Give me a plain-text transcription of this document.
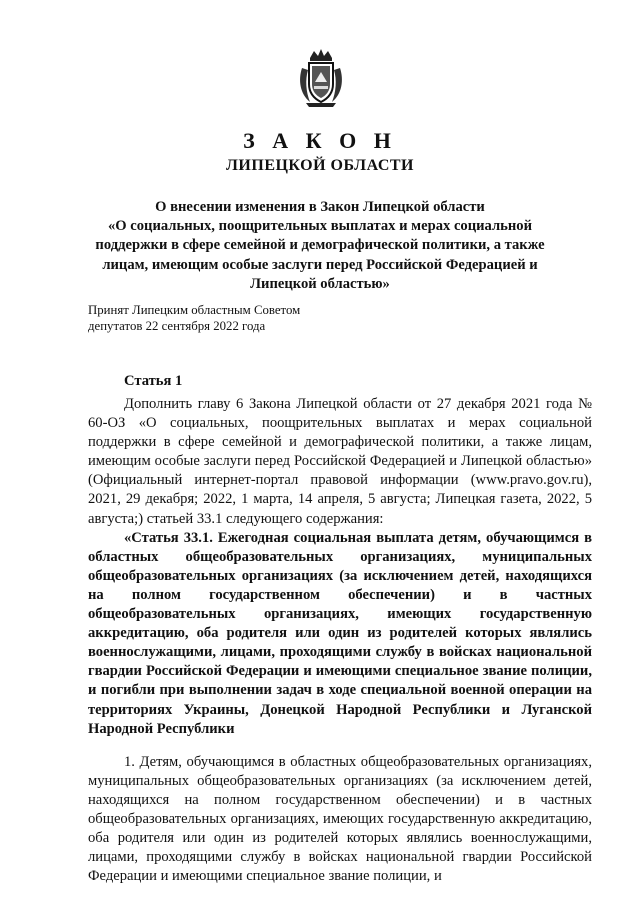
З А К О Н
ЛИПЕЦКОЙ ОБЛАСТИ
О внесении изменения в Закон Липецкой области
«О социальных, поощрительных выплатах и мерах социальной
поддержки в сфере семейной и демографической политики, а также
лицам, имеющим особые заслуги перед Российской Федерацией и
Липецкой областью»
Принят Липецким областным Советом
депутатов 22 сентября 2022 года
Статья 1

Дополнить главу 6 Закона Липецкой области от 27 декабря 2021 года № 60-ОЗ «О социальных, поощрительных выплатах и мерах социальной поддержки в сфере семейной и демографической политики, а также лицам, имеющим особые заслуги перед Российской Федерацией и Липецкой областью» (Официальный интернет-портал правовой информации (www.pravo.gov.ru), 2021, 29 декабря; 2022, 1 марта, 14 апреля, 5 августа; Липецкая газета, 2022, 5 августа;) статьей 33.1 следующего содержания:

«Статья 33.1. Ежегодная социальная выплата детям, обучающимся в областных общеобразовательных организациях, муниципальных общеобразовательных организациях (за исключением детей, находящихся на полном государственном обеспечении) и в частных общеобразовательных организациях, имеющих государственную аккредитацию, оба родителя или один из родителей которых являлись военнослужащими, лицами, проходящими службу в войсках национальной гвардии Российской Федерации и имеющими специальное звание полиции, и погибли при выполнении задач в ходе специальной военной операции на территориях Украины, Донецкой Народной Республики и Луганской Народной Республики

1. Детям, обучающимся в областных общеобразовательных организациях, муниципальных общеобразовательных организациях (за исключением детей, находящихся на полном государственном обеспечении) и в частных общеобразовательных организациях, имеющих государственную аккредитацию, оба родителя или один из родителей которых являлись военнослужащими, лицами, проходящими службу в войсках национальной гвардии Российской Федерации и имеющими специальное звание полиции, и
